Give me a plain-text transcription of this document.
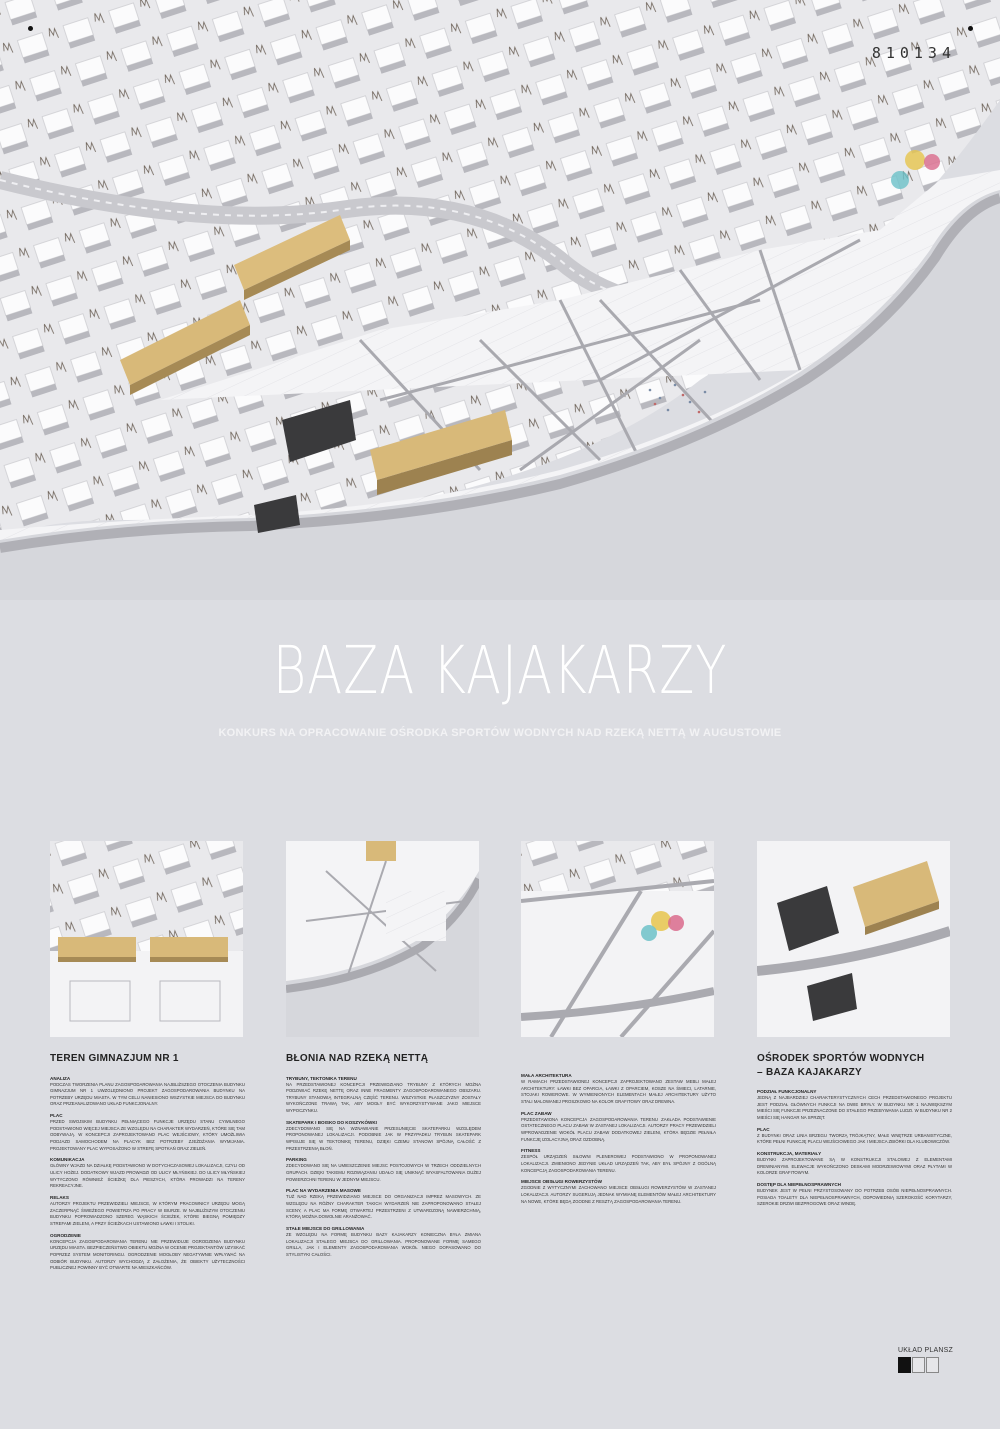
810134
BAZA KAJAKARZY
KONKURS NA OPRACOWANIE OŚRODKA SPORTÓW WODNYCH NAD RZEKĄ NETTĄ W AUGUSTOWIE
TEREN GIMNAZJUM NR 1
ANALIZA

PODCZAS TWORZENIA PLANU ZAGOSPODAROWANIA NAJBLIŻSZEGO OTOCZENIA BUDYNKU GIMNAZJUM NR 1 UWZGLĘDNIONO PROJEKT ZAGOSPODAROWANIA BUDYNKU NA POTRZEBY URZĘDU MIASTA. W TYM CELU NANIESIONO WSZYSTKIE MIEJSCA DO BUDYNKU ORAZ PRZEANALIZOWANO UKŁAD FUNKCJONALNY.

PLAC

PRZED SWOJSKIM BUDYNKU PEŁNIĄCEGO FUNKCJE URZĘDU STANU CYWILNEGO PODSTAWIONO WIĘCEJ MIEJSCA ZE WZGLĘDU NA CHARAKTER WYDARZEŃ, KTÓRE SIĘ TAM ODBYWAJĄ. W KONCEPCJI ZAPROJEKTOWANO PLAC WEJŚCIOWY, KTÓRY UMOŻLIWIA PODJAZD SAMOCHODEM NA PLACYK BEZ POTRZEBY ZJEŻDŻANIA WYMIJANIA. PROJEKTOWANY PLAC WYPOSAŻONO W STREFĘ SPOTKAŃ ORAZ ZIELEŃ.

KOMUNIKACJA

GŁÓWNY WJAZD NA DZIAŁKĘ PODSTAWIONO W DOTYCHCZASOWEJ LOKALIZACJI, CZYLI OD ULICY HOŻEJ. DODATKOWY WJAZD PROWADZI OD ULICY MŁYŃSKIEJ. DO ULICY MŁYŃSKIEJ WYTYCZONO RÓWNIEŻ ŚCIEŻKĘ DLA PIESZYCH, KTÓRA PROWADZI NA TERENY REKREACYJNE.

RELAKS

AUTORZY PROJEKTU PRZEWIDZIELI MIEJSCE, W KTÓRYM PRACOWNICY URZĘDU MOGĄ ZACZERPNĄĆ ŚWIEŻEGO POWIETRZA PO PRACY W BIURZE. W NAJBLIŻSZYM OTOCZENIU BUDYNKU POPROWADZONO SZEREG WĄSKICH ŚCIEŻEK, KTÓRE BIEGNĄ POMIĘDZY STREFAMI ZIELENI, A PRZY ŚCIEŻKACH USTAWIONO ŁAWKI I STOLIKI.

OGRODZENIE

KONCEPCJA ZAGOSPODAROWANIA TERENU NIE PRZEWIDUJE OGRODZENIA BUDYNKU URZĘDU MIASTA. BEZPIECZEŃSTWO OBIEKTU MOŻNA W OCENIE PROJEKTANTÓW UZYSKAĆ POPRZEZ SYSTEM MONITORINGU. OGRODZENIE MOGŁOBY NEGATYWNIE WPŁYWAĆ NA ODBIÓR BUDYNKU. AUTORZY WYCHODZĄ Z ZAŁOŻENIA, ŻE OBIEKTY UŻYTECZNOŚCI PUBLICZNEJ POWINNY BYĆ OTWARTE NA MIESZKAŃCÓW.

BŁONIA NAD RZEKĄ NETTĄ
TRYBUNY, TEKTONIKA TERENU

NA PRZEDSTAWIONEJ KONCEPCJI PRZEWIDZIANO TRYBUNY Z KTÓRYCH MOŻNA PODZIWIAĆ RZEKĘ NETTĘ ORAZ INNE FRAGMENTY ZAGOSPODAROWANEGO OBSZARU. TRYBUNY STANOWIĄ INTEGRALNĄ CZĘŚĆ TERENU. WSZYSTKIE PŁASZCZYZNY ZOSTAŁY WYKOŃCZONE TRAWĄ TAK, ABY MOGŁY BYĆ WYKORZYSTYWANE JAKO MIEJSCE WYPOCZYNKU.

SKATEPARK I BOISKO DO KOSZYKÓWKI

ZDECYDOWANO SIĘ NA WZNAWIANIE PRZESUNIĘCIE SKATEPARKU WZGLĘDEM PROPONOWANEJ LOKALIZACJI. PODOBNIE JAK W PRZYPADKU TRYBUN SKATEPARK WPISUJE SIĘ W TEKTONIKĘ TERENU, DZIĘKI CZEMU STANOWI SPÓJNĄ CAŁOŚĆ Z PRZESTRZENIĄ BŁOŃ.

PARKING

ZDECYDOWANO SIĘ NA UMIESZCZENIE MIEJSC POSTOJOWYCH W TRZECH ODDZIELNYCH GRUPACH. DZIĘKI TAKIEMU ROZWIĄZANIU UDAŁO SIĘ UNIKNĄĆ WYASFALTOWANIA DUŻEJ POWIERZCHNI TERENU W JEDNYM MIEJSCU.

PLAC NA WYDARZENIA MASOWE

TUŻ NAD RZEKĄ PRZEWIDZIANO MIEJSCE DO ORGANIZACJI IMPREZ MASOWYCH. ZE WZGLĘDU NA RÓŻNY CHARAKTER TAKICH WYDARZEŃ NIE ZAPROPONOWANO STAŁEJ SCENY, A PLAC MA FORMĘ OTWARTEJ PRZESTRZENI Z UTWARDZONĄ NAWIERZCHNIĄ, KTÓRĄ MOŻNA DOWOLNIE ARANŻOWAĆ.

STAŁE MIEJSCE DO GRILLOWANIA

ZE WZGLĘDU NA FORMĘ BUDYNKU BAZY KAJAKARZY KONIECZNA BYŁA ZMIANA LOKALIZACJI STAŁEGO MIEJSCA DO GRILLOWANIA. PROPONOWANE FORMĘ SAMEGO GRILLA, JAK I ELEMENTY ZAGOSPODAROWANIA WOKÓŁ NIEGO DOPASOWANO DO STYLISTYKI CAŁOŚCI.

MAŁA ARCHITEKTURA

W RAMACH PRZEDSTAWIONEJ KONCEPCJI ZAPROJEKTOWANO ZESTAW MEBLI MAŁEJ ARCHITEKTURY: ŁAWKI BEZ OPARCIA, ŁAWKI Z OPARCIEM, KOSZE NA ŚMIECI, LATARNIE, STOJAKI ROWEROWE. W WYMIENIONYCH ELEMENTACH MAŁEJ ARCHITEKTURY UŻYTO STALI MALOWANEJ PROSZKOWO NA KOLOR GRAFITOWY ORAZ DREWNA.

PLAC ZABAW

PRZEDSTAWIONA KONCEPCJA ZAGOSPODAROWANIA TERENU ZAKŁADA PODSTAWIENIE OSTATECZNEGO PLACU ZABAW W ZASTANEJ LOKALIZACJI. AUTORZY PRACY PRZEWIDZIELI WPROWADZENIE WOKÓŁ PLACU ZABAW DODATKOWEJ ZIELENI, KTÓRA BĘDZIE PEŁNIŁA FUNKCJĘ IZOLACYJNĄ ORAZ OZDOBNĄ.

FITNESS

ZESPÓŁ URZĄDZEŃ SIŁOWNI PLENEROWEJ PODSTAWIONO W PROPONOWANEJ LOKALIZACJI. ZMIENIONO JEDYNIE UKŁAD URZĄDZEŃ TAK, ABY BYŁ SPÓJNY Z OGÓLNĄ KONCEPCJĄ ZAGOSPODAROWANIA TERENU.

MIEJSCE OBSŁUGI ROWERZYSTÓW

ZGODNIE Z WYTYCZNYMI ZACHOWANO MIEJSCE OBSŁUGI ROWERZYSTÓW W ZASTANEJ LOKALIZACJI. AUTORZY SUGERUJĄ JEDNAK WYMIANĘ ELEMENTÓW MAŁEJ ARCHITEKTURY NA NOWE, KTÓRE BĘDĄ ZGODNE Z RESZTĄ ZAGOSPODAROWANIA TERENU.

OŚRODEK SPORTÓW WODNYCH
– BAZA KAJAKARZY
PODZIAŁ FUNKCJONALNY

JEDNĄ Z NAJBARDZIEJ CHARAKTERYSTYCZNYCH CECH PRZEDSTAWIONEGO PROJEKTU JEST PODZIAŁ GŁÓWNYCH FUNKCJI NA DWIE BRYŁY. W BUDYNKU NR 1 NAJWIĘKSZYM MIEŚCI SIĘ FUNKCJE PRZEZNACZONE DO STAŁEGO PRZEBYWANIA LUDZI. W BUDYNKU NR 2 MIEŚCI SIĘ HANGAR NA SPRZĘT.

PLAC

Z BUDYNKI ORAZ LINIA BRZEGU TWORZĄ TRÓJKĄTNY, MAŁE WNĘTRZE URBANISTYCZNE, KTÓRE PEŁNI FUNKCJĘ PLACU WEJŚCIOWEGO JAK I MIEJSCA ZBIÓRKI DLA KLUBOWICZÓW.

KONSTRUKCJA, MATERIAŁY

BUDYNKI ZAPROJEKTOWANE SĄ W KONSTRUKCJI STALOWEJ Z ELEMENTAMI DREWNIANYMI. ELEWACJE WYKOŃCZONO DESKAMI MODRZEWIOWYMI ORAZ PŁYTAMI W KOLORZE GRAFITOWYM.

DOSTĘP DLA NIEPEŁNOSPRAWNYCH

BUDYNEK JEST W PEŁNI PRZYSTOSOWANY DO POTRZEB OSÓB NIEPEŁNOSPRAWNYCH. POSIADA TOALETY DLA NIEPEŁNOSPRAWNYCH, ODPOWIEDNIĄ SZEROKOŚĆ KORYTARZY, SZEROKIE DRZWI BEZPROGOWE ORAZ WINDĘ.

UKŁAD PLANSZ
